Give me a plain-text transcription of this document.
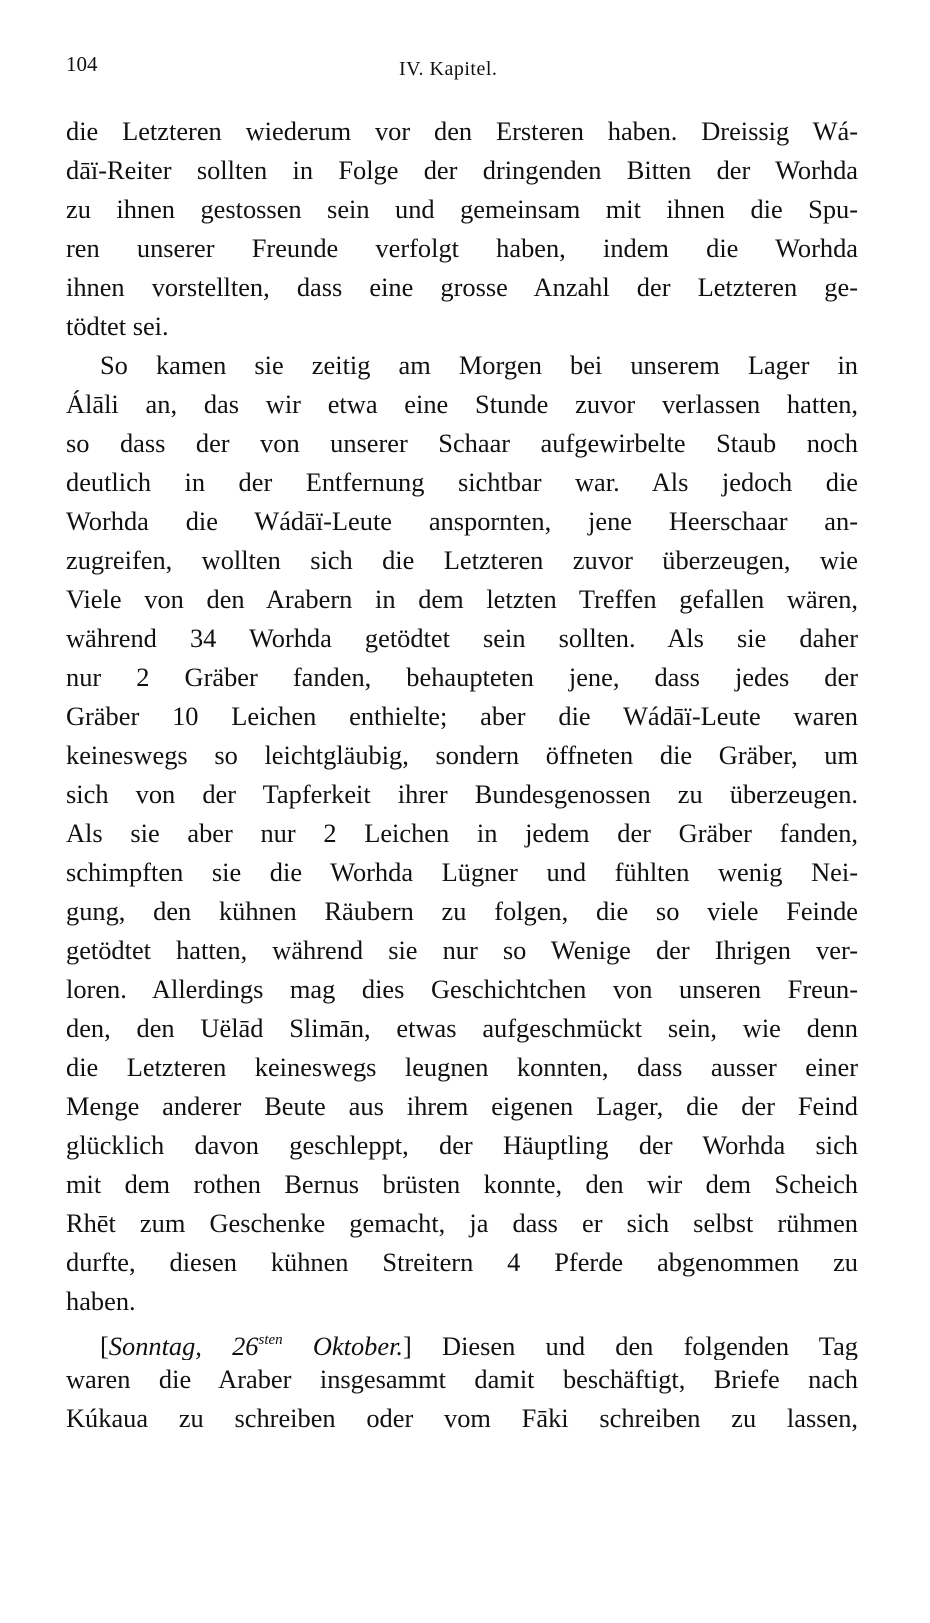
104	IV. Kapitel.
die Letzteren wiederum vor den Ersteren haben. Dreissig Wá-
dāï-Reiter sollten in Folge der dringenden Bitten der Worhda
zu ihnen gestossen sein und gemeinsam mit ihnen die Spu-
ren unserer Freunde verfolgt haben, indem die Worhda
ihnen vorstellten, dass eine grosse Anzahl der Letzteren ge-
tödtet sei.
So kamen sie zeitig am Morgen bei unserem Lager in
Álāli an, das wir etwa eine Stunde zuvor verlassen hatten,
so dass der von unserer Schaar aufgewirbelte Staub noch
deutlich in der Entfernung sichtbar war. Als jedoch die
Worhda die Wádāï-Leute anspornten, jene Heerschaar an-
zugreifen, wollten sich die Letzteren zuvor überzeugen, wie
Viele von den Arabern in dem letzten Treffen gefallen wären,
während 34 Worhda getödtet sein sollten. Als sie daher
nur 2 Gräber fanden, behaupteten jene, dass jedes der
Gräber 10 Leichen enthielte; aber die Wádāï-Leute waren
keineswegs so leichtgläubig, sondern öffneten die Gräber, um
sich von der Tapferkeit ihrer Bundesgenossen zu überzeugen.
Als sie aber nur 2 Leichen in jedem der Gräber fanden,
schimpften sie die Worhda Lügner und fühlten wenig Nei-
gung, den kühnen Räubern zu folgen, die so viele Feinde
getödtet hatten, während sie nur so Wenige der Ihrigen ver-
loren. Allerdings mag dies Geschichtchen von unseren Freun-
den, den Uëlād Slimān, etwas aufgeschmückt sein, wie denn
die Letzteren keineswegs leugnen konnten, dass ausser einer
Menge anderer Beute aus ihrem eigenen Lager, die der Feind
glücklich davon geschleppt, der Häuptling der Worhda sich
mit dem rothen Bernus brüsten konnte, den wir dem Scheich
Rhēt zum Geschenke gemacht, ja dass er sich selbst rühmen
durfte, diesen kühnen Streitern 4 Pferde abgenommen zu
haben.
[Sonntag, $26^{sten}$ Oktober.] Diesen und den folgenden Tag
waren die Araber insgesammt damit beschäftigt, Briefe nach
Kúkaua zu schreiben oder vom Fāki schreiben zu lassen,
